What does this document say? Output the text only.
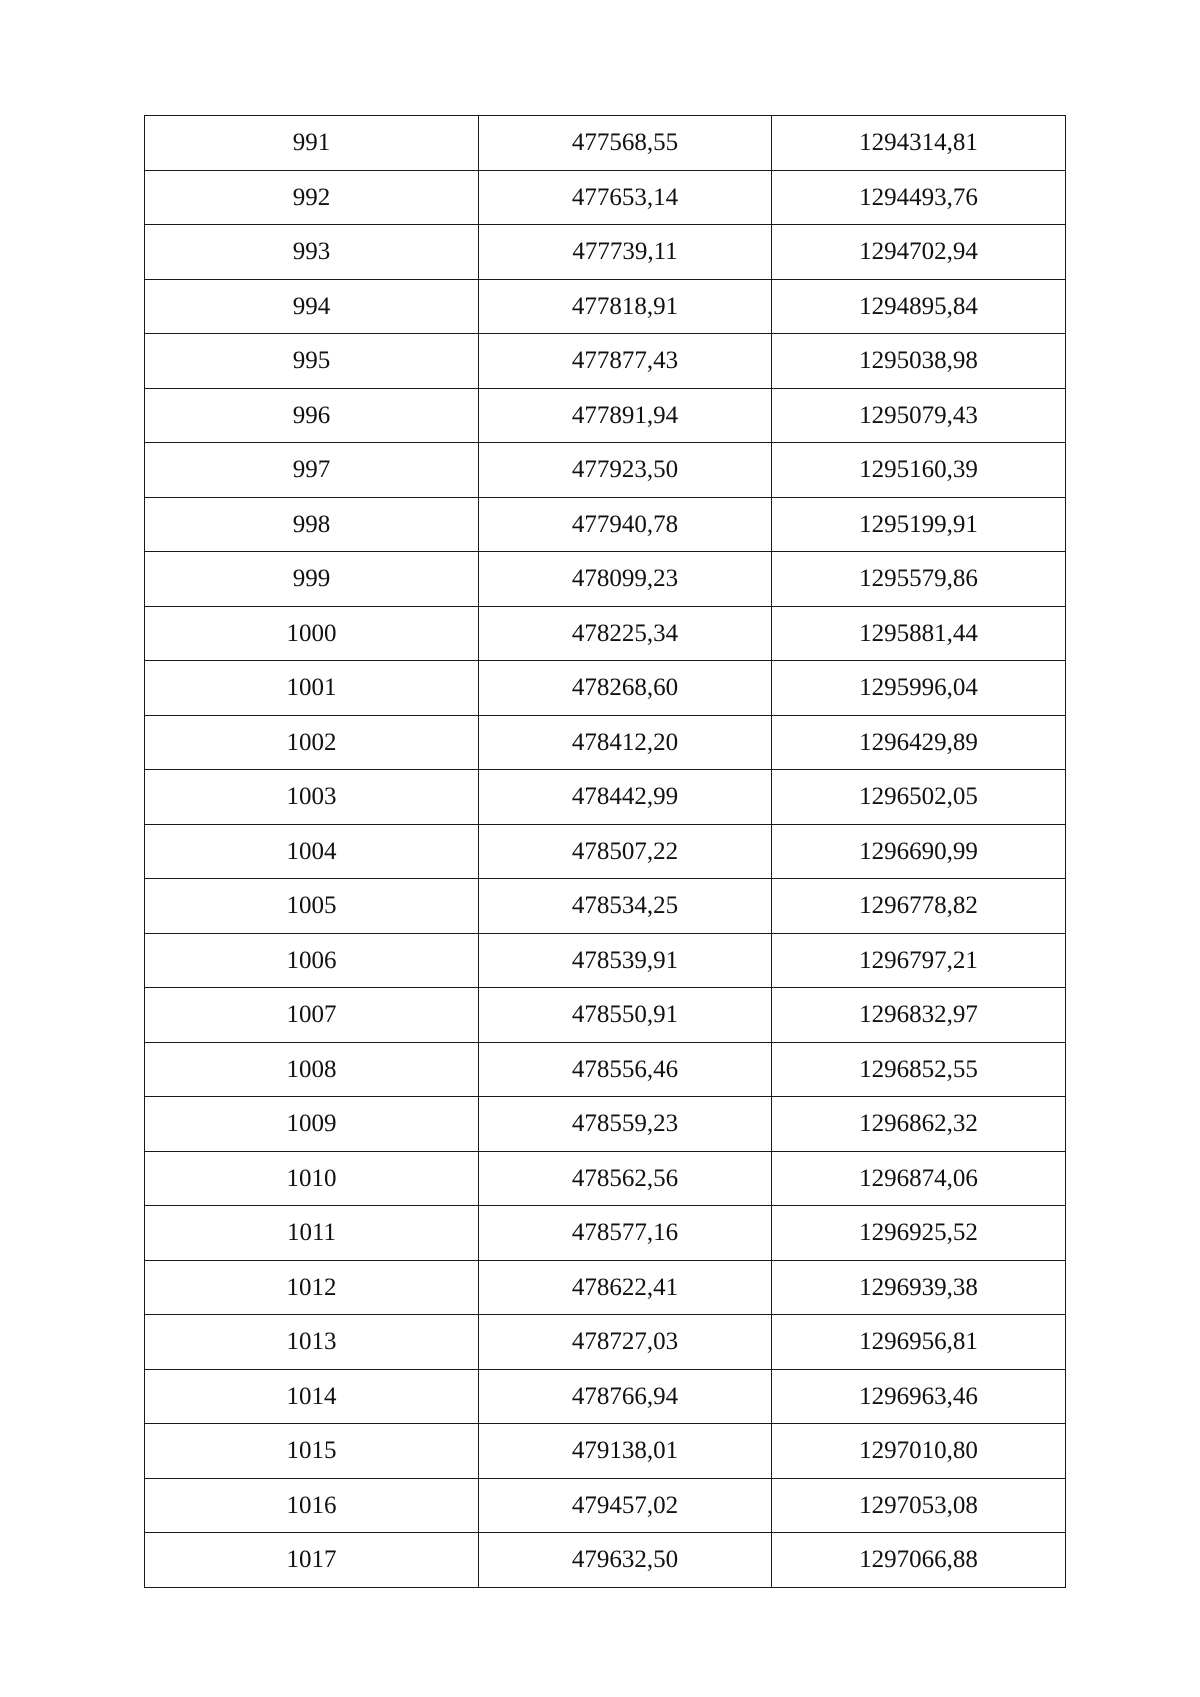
991	477568,55	1294314,81
992	477653,14	1294493,76
993	477739,11	1294702,94
994	477818,91	1294895,84
995	477877,43	1295038,98
996	477891,94	1295079,43
997	477923,50	1295160,39
998	477940,78	1295199,91
999	478099,23	1295579,86
1000	478225,34	1295881,44
1001	478268,60	1295996,04
1002	478412,20	1296429,89
1003	478442,99	1296502,05
1004	478507,22	1296690,99
1005	478534,25	1296778,82
1006	478539,91	1296797,21
1007	478550,91	1296832,97
1008	478556,46	1296852,55
1009	478559,23	1296862,32
1010	478562,56	1296874,06
1011	478577,16	1296925,52
1012	478622,41	1296939,38
1013	478727,03	1296956,81
1014	478766,94	1296963,46
1015	479138,01	1297010,80
1016	479457,02	1297053,08
1017	479632,50	1297066,88
